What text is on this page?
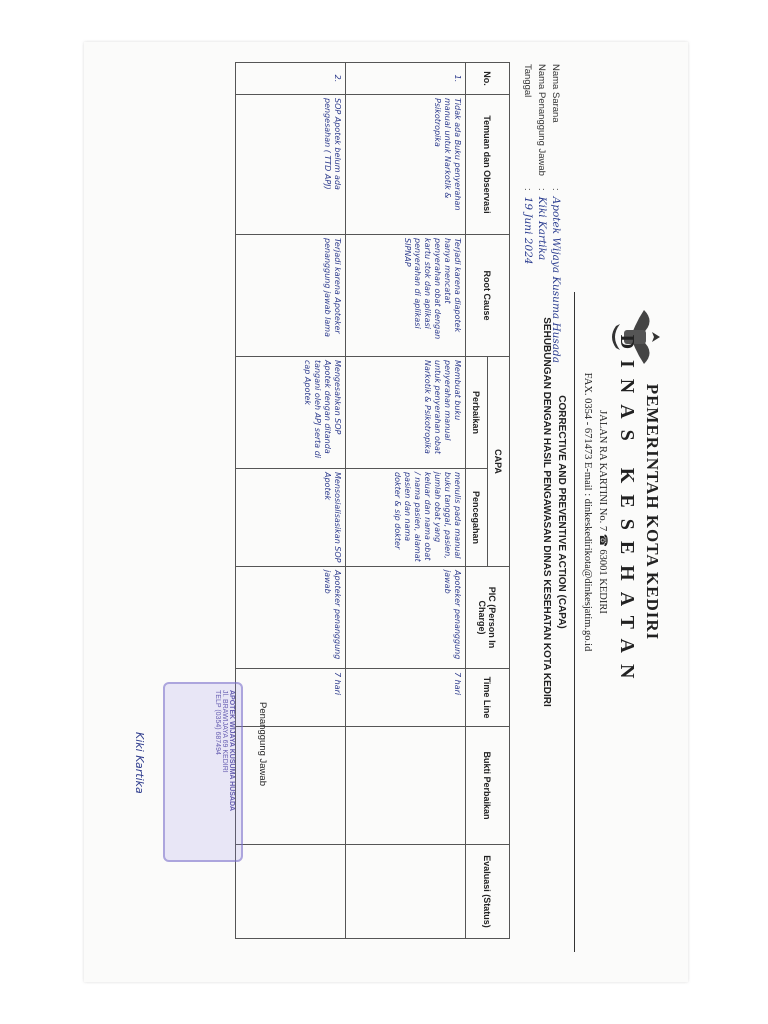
PEMERINTAH KOTA KEDIRI
DINAS KESEHATAN
JALAN RA KARTINI No. 7 ☎ 63001 KEDIRI
FAX. 0354 - 671473 E-mail : dinkeskedirikota@dinkesjatim.go.id
CORRECTIVE AND PREVENTIVE ACTION (CAPA)
SEHUBUNGAN DENGAN HASIL PENGAWASAN DINAS KESEHATAN KOTA KEDIRI
Nama Sarana:Apotek Wijaya Kusuma Husada
Nama Penanggung Jawab:Kiki Kartika
Tanggal:19 Juni 2024
No.	Temuan dan Observasi	Root Cause	CAPA		PIC (Person In Charge)	Time Line	Bukti Perbaikan	Evaluasi (Status)
			Perbaikan	Pencegahan				
1.	Tidak ada Buku penyerahan manual untuk Narkotik & Psikotropika	Terjadi karena diapotek hanya mencatat penyerahan obat dengan kartu stok dan aplikasi penyerahan di aplikasi SIPNAP	Membuat buku penyerahan manual untuk penyerahan obat Narkotik & Psikotropika	menulis pada manual buku tanggal, pasien, jumlah obat yang keluar dan nama obat / nama pasien, alamat pasien dan nama dokter & sip dokter	Apoteker penanggung jawab	7 hari		
2.	SOP Apotek belum ada pengesahan ( TTD APJ)	Terjadi karena Apoteker penanggung jawab lama	Mengesahkan SOP Apotek dengan ditanda tangani oleh APJ serta di cap Apotek	Mensosialisasikan SOP Apotek	Apoteker penanggung jawab	7 hari		
Penanggung Jawab
APOTEK WIJAYA KUSUMA HUSADA
Jl. BRAWIJAYA 69 KEDIRI
TELP (0354) 687494
Kiki Kartika
